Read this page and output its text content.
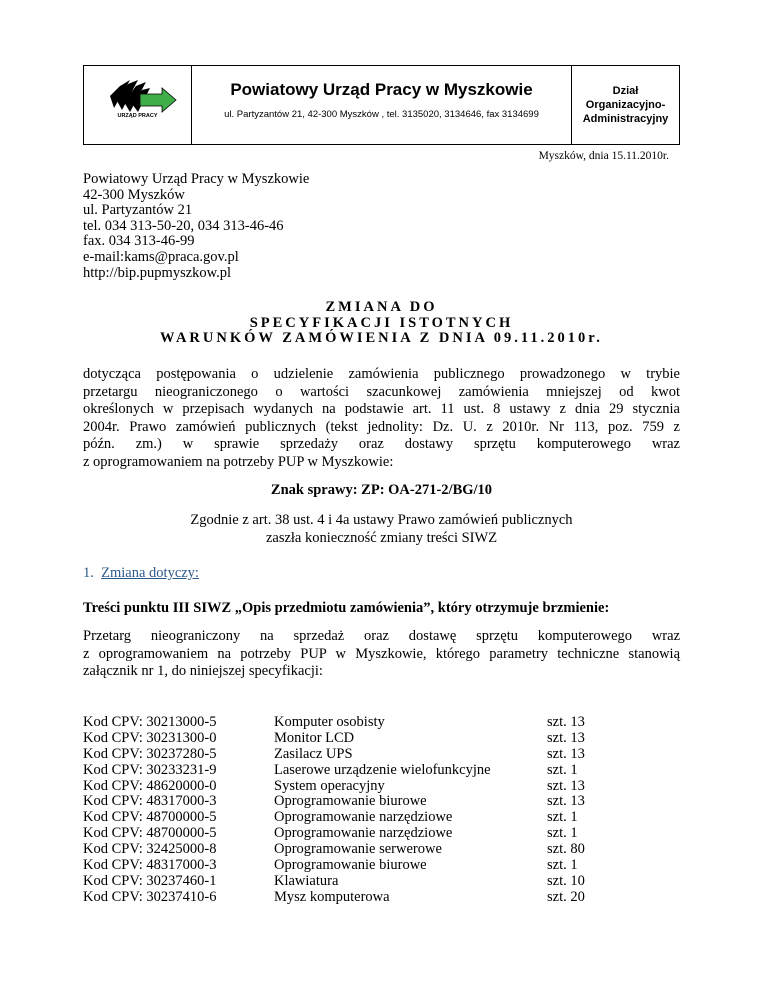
URZĄD PRACY
Powiatowy Urząd Pracy w Myszkowie
ul. Partyzantów 21, 42-300 Myszków , tel. 3135020, 3134646, fax 3134699
Dział
Organizacyjno-
Administracyjny
Myszków, dnia 15.11.2010r.
Powiatowy Urząd Pracy w Myszkowie
42-300 Myszków
ul. Partyzantów 21
tel. 034 313-50-20, 034 313-46-46
fax. 034 313-46-99
e-mail:kams@praca.gov.pl
http://bip.pupmyszkow.pl
ZMIANA DO
SPECYFIKACJI ISTOTNYCH
WARUNKÓW ZAMÓWIENIA Z DNIA 09.11.2010r.
dotycząca postępowania o udzielenie zamówienia publicznego prowadzonego w trybie
przetargu nieograniczonego o wartości szacunkowej zamówienia mniejszej od kwot
określonych w przepisach wydanych na podstawie art. 11 ust. 8 ustawy z dnia 29 stycznia
2004r. Prawo zamówień publicznych (tekst jednolity: Dz. U. z 2010r. Nr 113, poz. 759 z
późn. zm.) w sprawie sprzedaży oraz dostawy sprzętu komputerowego wraz
z oprogramowaniem na potrzeby PUP w Myszkowie:
Znak sprawy: ZP: OA-271-2/BG/10
Zgodnie z art. 38 ust. 4 i 4a ustawy Prawo zamówień publicznych
zaszła konieczność zmiany treści SIWZ
1. Zmiana dotyczy:
Treści punktu III SIWZ „Opis przedmiotu zamówienia”, który otrzymuje brzmienie:
Przetarg nieograniczony na sprzedaż oraz dostawę sprzętu komputerowego wraz
z oprogramowaniem na potrzeby PUP w Myszkowie, którego parametry techniczne stanowią
załącznik nr 1, do niniejszej specyfikacji:
Kod CPV: 30213000-5	Komputer osobisty	szt. 13
Kod CPV: 30231300-0	Monitor LCD	szt. 13
Kod CPV: 30237280-5	Zasilacz UPS	szt. 13
Kod CPV: 30233231-9	Laserowe urządzenie wielofunkcyjne	szt. 1
Kod CPV: 48620000-0	System operacyjny	szt. 13
Kod CPV: 48317000-3	Oprogramowanie biurowe	szt. 13
Kod CPV: 48700000-5	Oprogramowanie narzędziowe	szt. 1
Kod CPV: 48700000-5	Oprogramowanie narzędziowe	szt. 1
Kod CPV: 32425000-8	Oprogramowanie serwerowe	szt. 80
Kod CPV: 48317000-3	Oprogramowanie biurowe	szt. 1
Kod CPV: 30237460-1	Klawiatura	szt. 10
Kod CPV: 30237410-6	Mysz komputerowa	szt. 20
